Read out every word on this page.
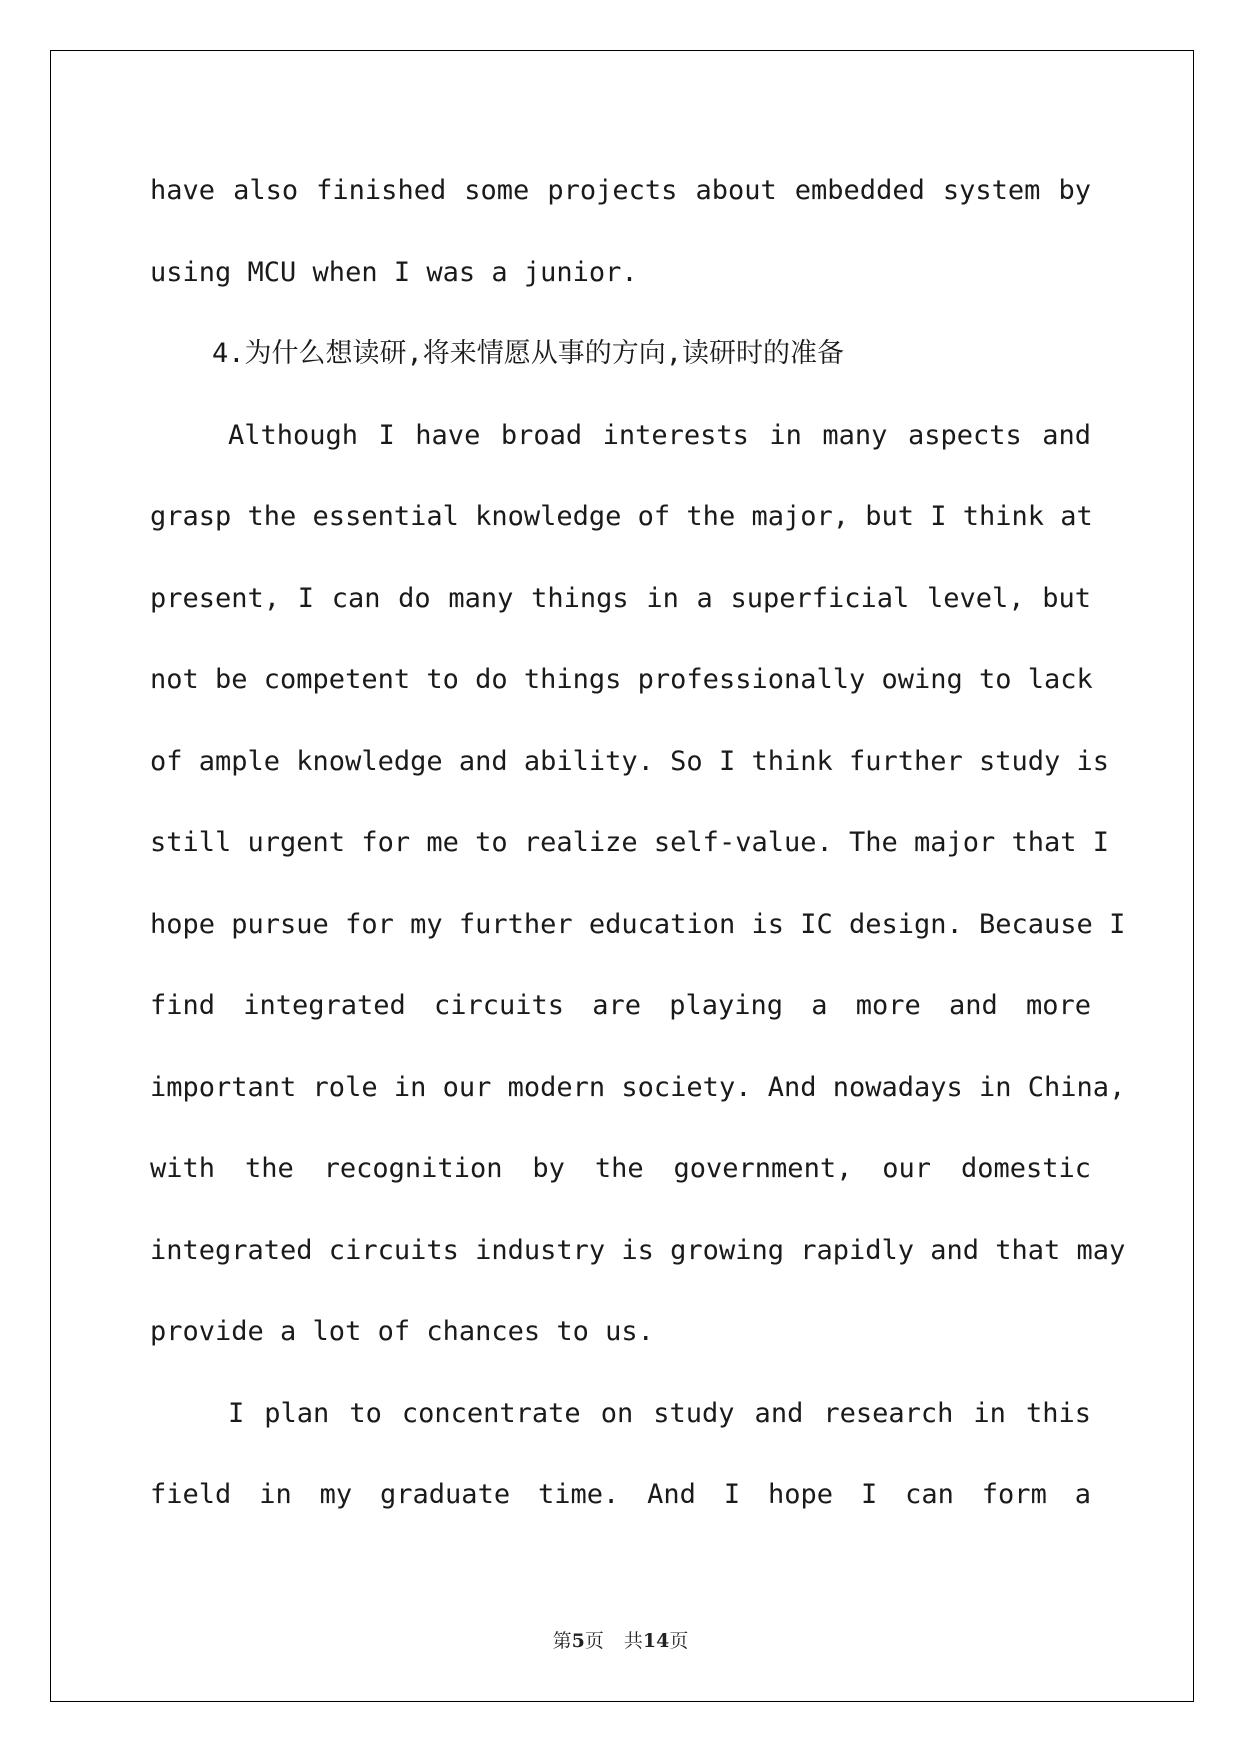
have also finished some projects about embedded system by
using MCU when I was a junior.
4.为什么想读研,将来情愿从事的方向,读研时的准备
Although I have broad interests in many aspects and
grasp the essential knowledge of the major, but I think at
present, I can do many things in a superficial level, but
not be competent to do things professionally owing to lack
of ample knowledge and ability. So I think further study is
still urgent for me to realize self-value. The major that I
hope pursue for my further education is IC design. Because I
find integrated circuits are playing a more and more
important role in our modern society. And nowadays in China,
with the recognition by the government, our domestic
integrated circuits industry is growing rapidly and that may
provide a lot of chances to us.
I plan to concentrate on study and research in this
field in my graduate time. And I hope I can form a
第5页 共14页
